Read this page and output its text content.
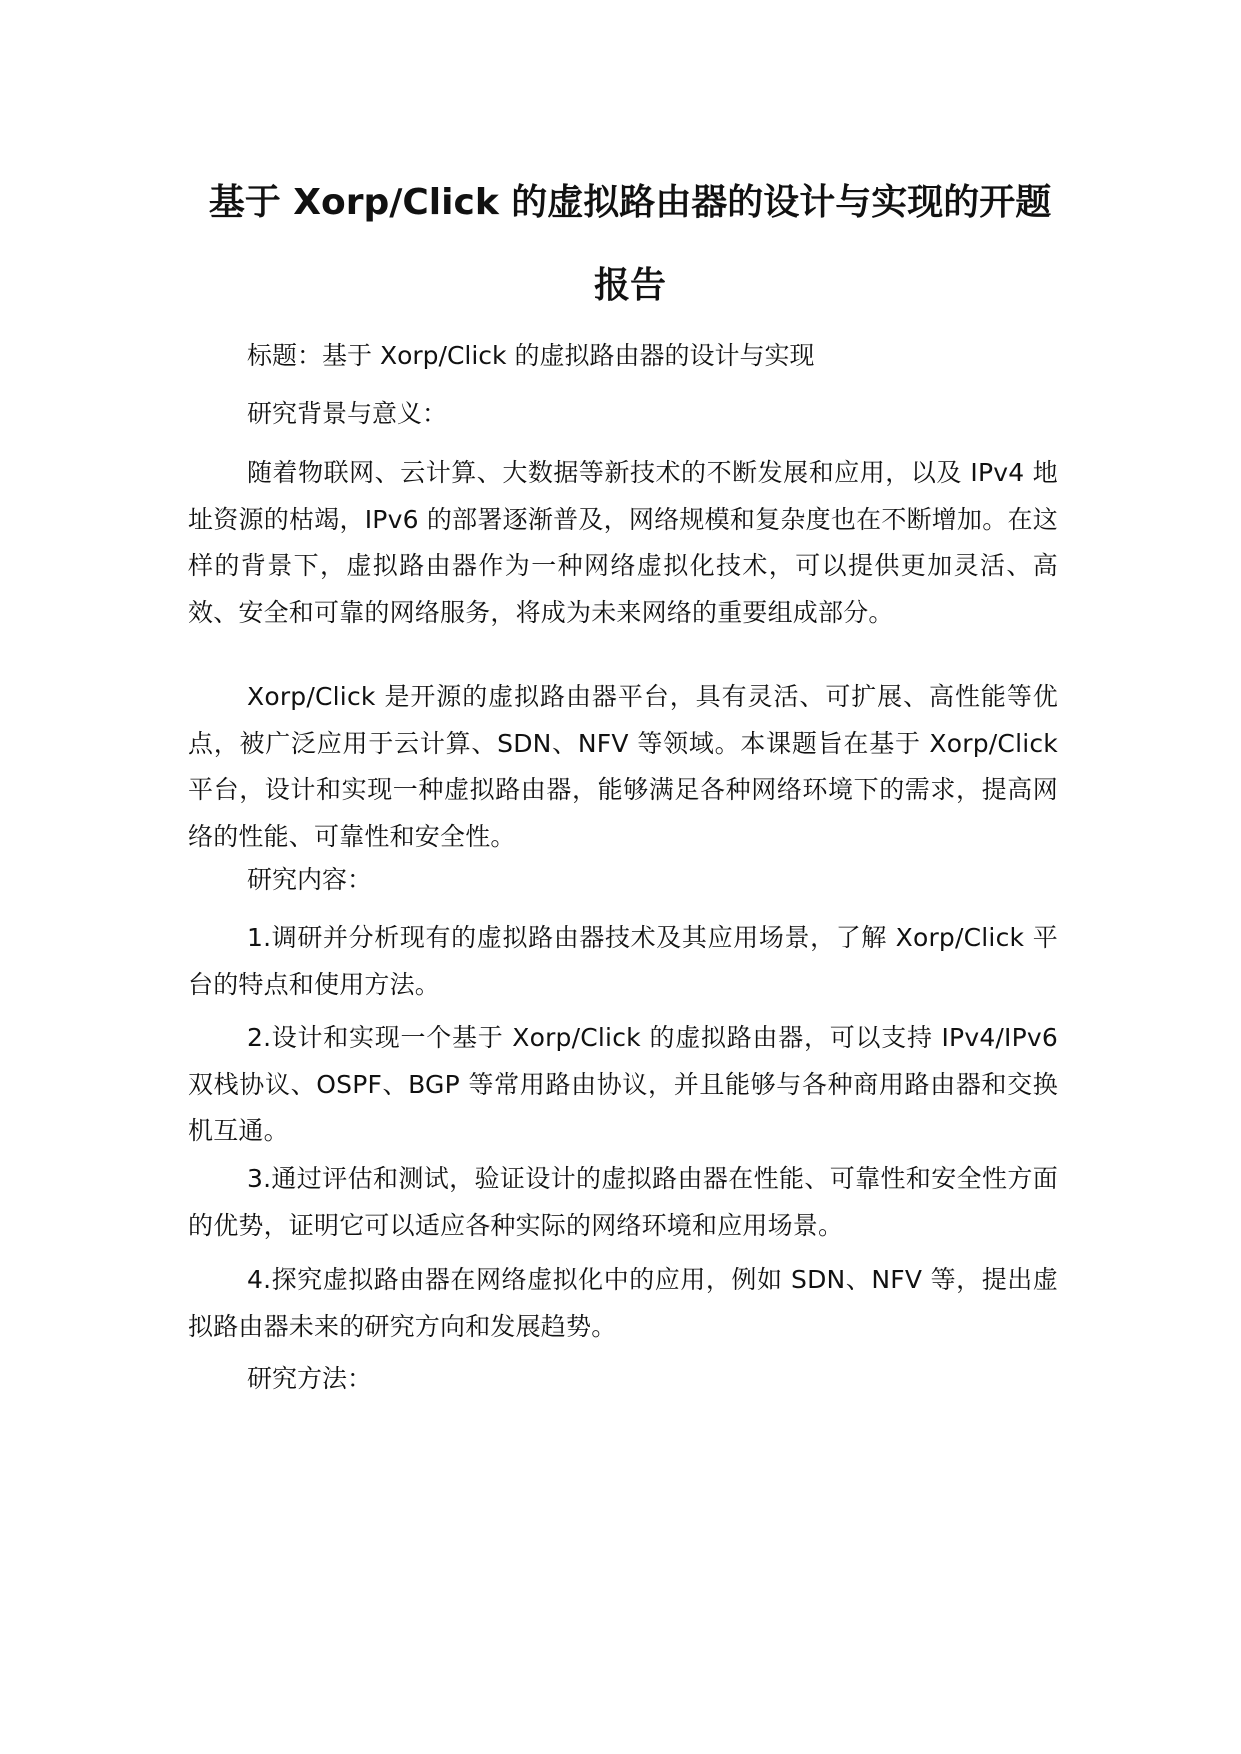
基于 Xorp/Click 的虚拟路由器的设计与实现的开题
报告

标题：基于 Xorp/Click 的虚拟路由器的设计与实现

研究背景与意义：

随着物联网、云计算、大数据等新技术的不断发展和应用，以及 IPv4 地址资源的枯竭，IPv6 的部署逐渐普及，网络规模和复杂度也在不断增加。在这样的背景下，虚拟路由器作为一种网络虚拟化技术，可以提供更加灵活、高效、安全和可靠的网络服务，将成为未来网络的重要组成部分。

Xorp/Click 是开源的虚拟路由器平台，具有灵活、可扩展、高性能等优点，被广泛应用于云计算、SDN、NFV 等领域。本课题旨在基于 Xorp/Click 平台，设计和实现一种虚拟路由器，能够满足各种网络环境下的需求，提高网络的性能、可靠性和安全性。

研究内容：

1.调研并分析现有的虚拟路由器技术及其应用场景，了解 Xorp/Click 平台的特点和使用方法。

2.设计和实现一个基于 Xorp/Click 的虚拟路由器，可以支持 IPv4/IPv6 双栈协议、OSPF、BGP 等常用路由协议，并且能够与各种商用路由器和交换机互通。

3.通过评估和测试，验证设计的虚拟路由器在性能、可靠性和安全性方面的优势，证明它可以适应各种实际的网络环境和应用场景。

4.探究虚拟路由器在网络虚拟化中的应用，例如 SDN、NFV 等，提出虚拟路由器未来的研究方向和发展趋势。

研究方法：
